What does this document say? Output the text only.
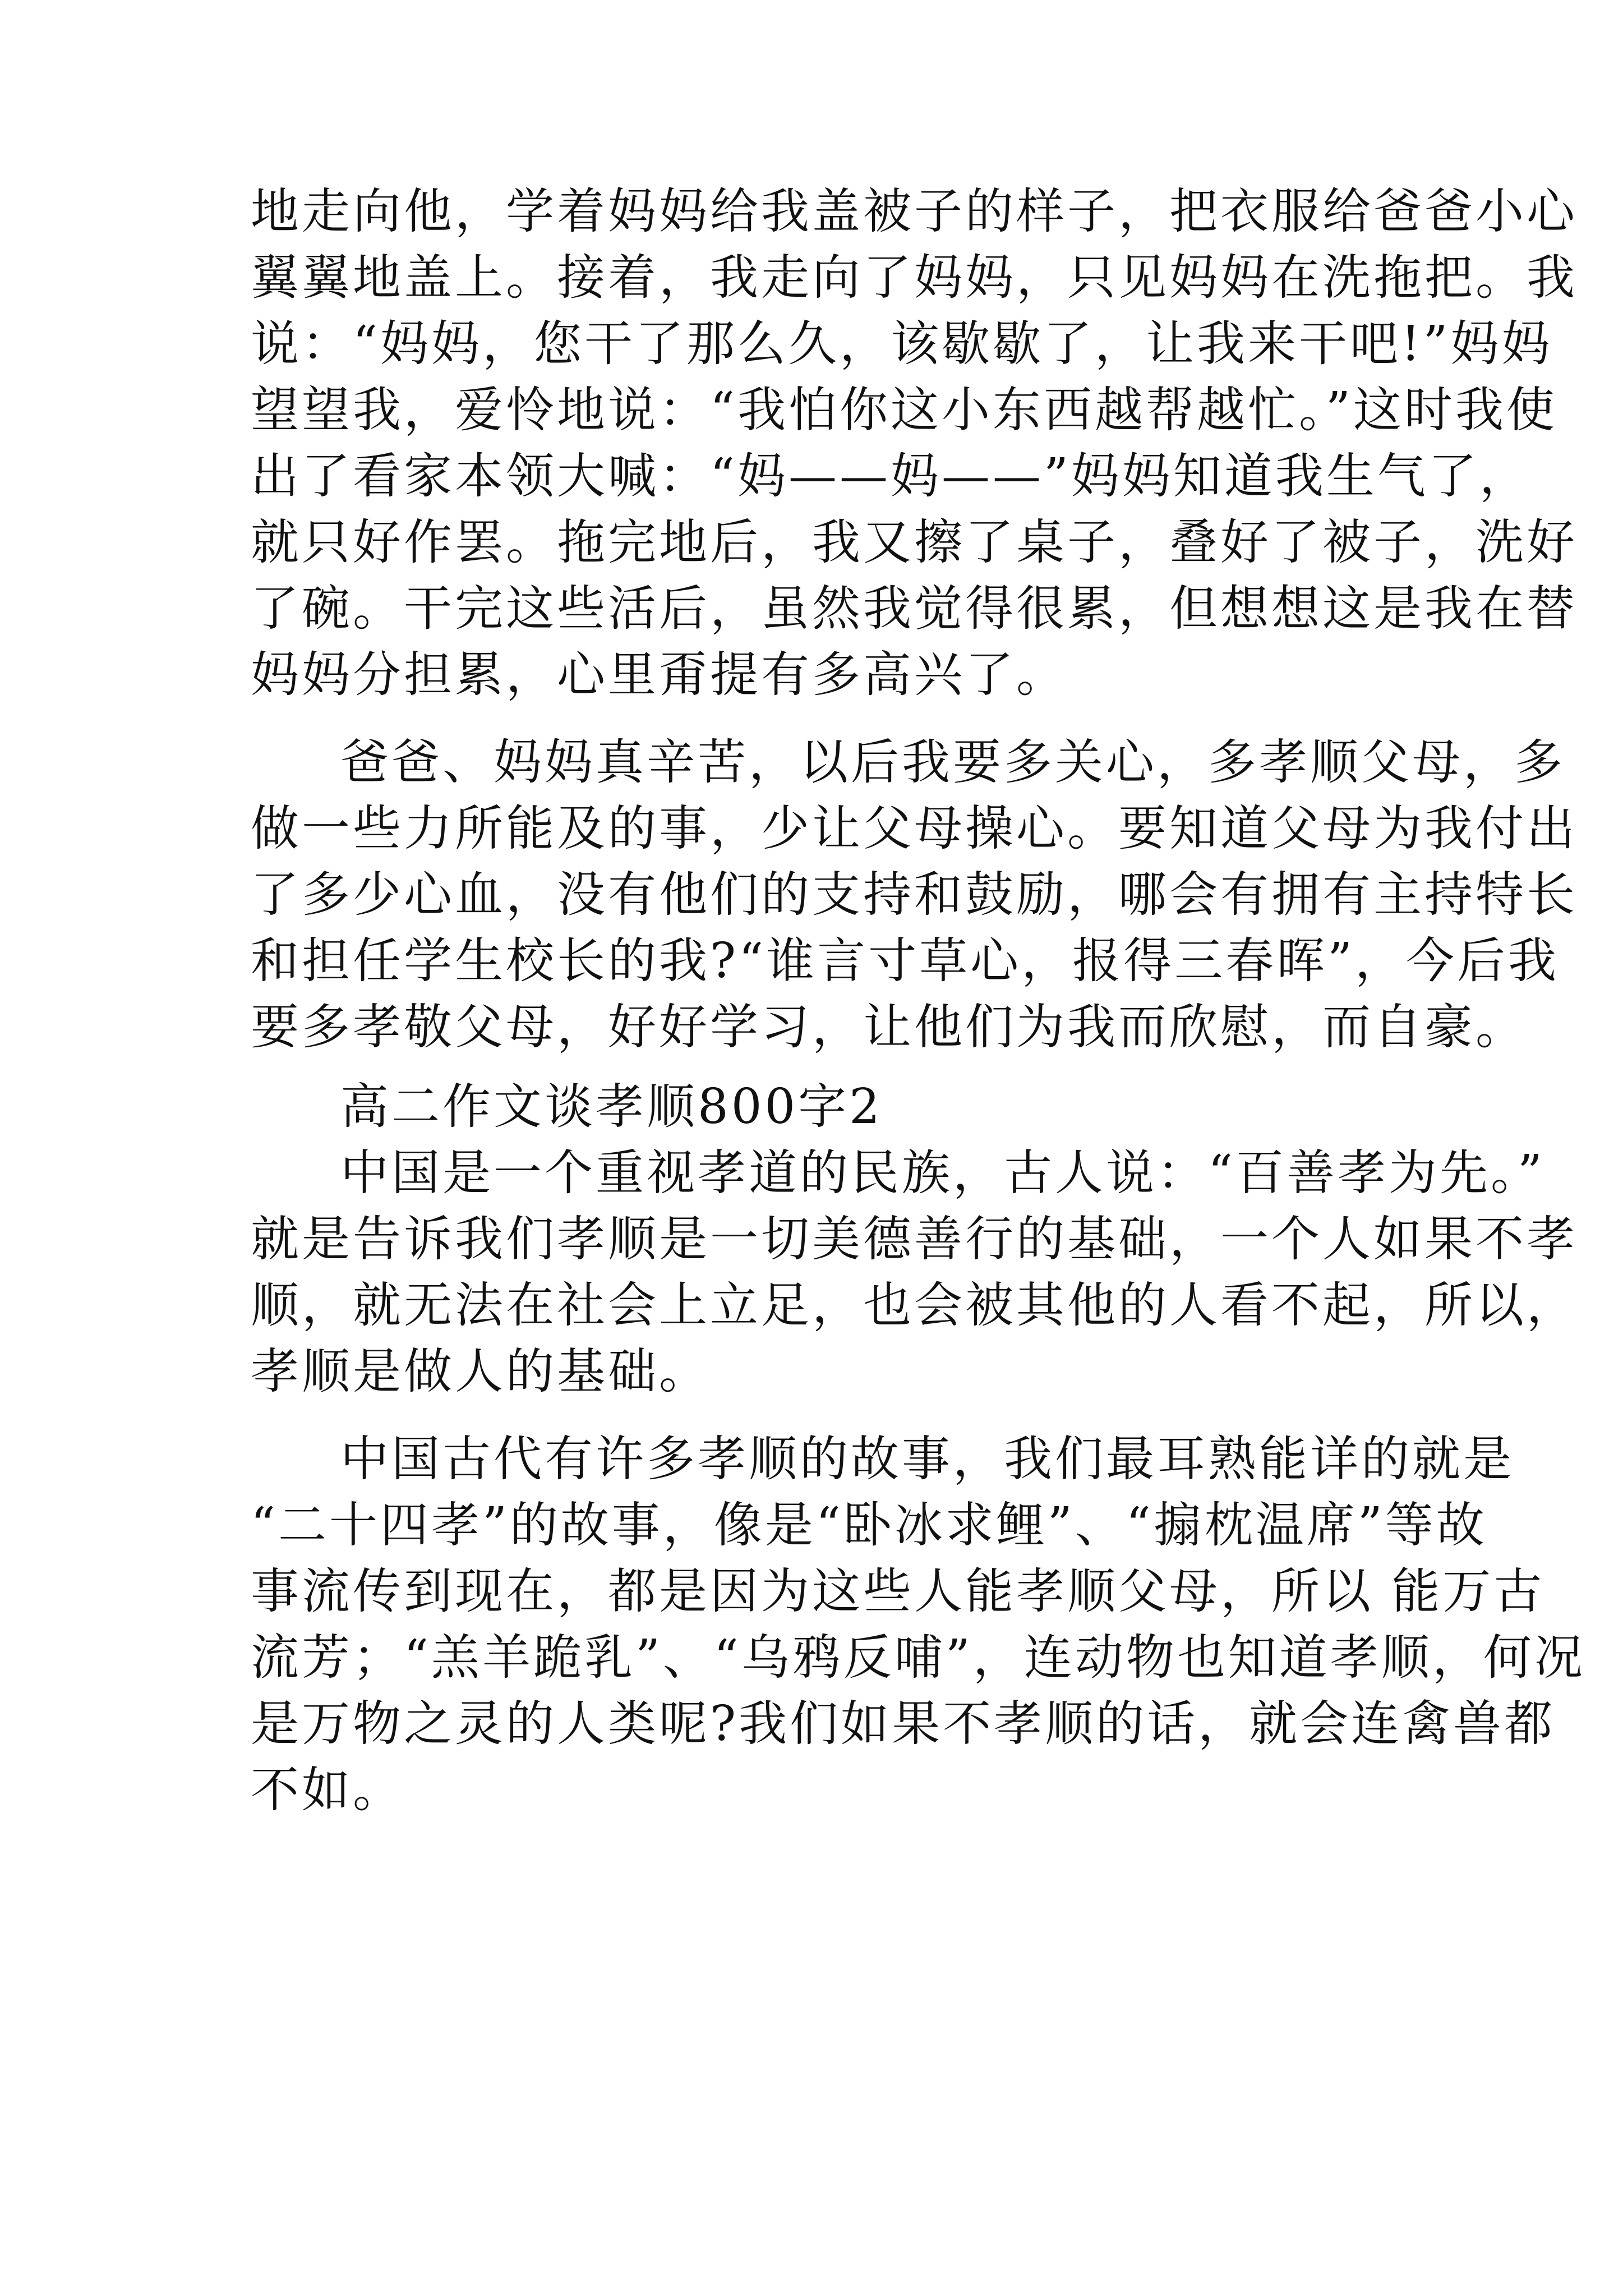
地走向他，学着妈妈给我盖被子的样子，把衣服给爸爸小心
翼翼地盖上。接着，我走向了妈妈，只见妈妈在洗拖把。我
说：“妈妈，您干了那么久，该歇歇了，让我来干吧!”妈妈
望望我，爱怜地说：“我怕你这小东西越帮越忙。”这时我使
出了看家本领大喊：“妈——妈——”妈妈知道我生气了，
就只好作罢。拖完地后，我又擦了桌子，叠好了被子，洗好
了碗。干完这些活后，虽然我觉得很累，但想想这是我在替
妈妈分担累，心里甭提有多高兴了。
爸爸、妈妈真辛苦，以后我要多关心，多孝顺父母，多
做一些力所能及的事，少让父母操心。要知道父母为我付出
了多少心血，没有他们的支持和鼓励，哪会有拥有主持特长
和担任学生校长的我?“谁言寸草心，报得三春晖”，今后我
要多孝敬父母，好好学习，让他们为我而欣慰，而自豪。
高二作文谈孝顺800字2
中国是一个重视孝道的民族，古人说：“百善孝为先。”
就是告诉我们孝顺是一切美德善行的基础，一个人如果不孝
顺，就无法在社会上立足，也会被其他的人看不起，所以，
孝顺是做人的基础。
中国古代有许多孝顺的故事，我们最耳熟能详的就是
“二十四孝”的故事，像是“卧冰求鲤”、“搧枕温席”等故
事流传到现在，都是因为这些人能孝顺父母，所以 能万古
流芳；“羔羊跪乳”、“乌鸦反哺”，连动物也知道孝顺，何况
是万物之灵的人类呢?我们如果不孝顺的话，就会连禽兽都
不如。
